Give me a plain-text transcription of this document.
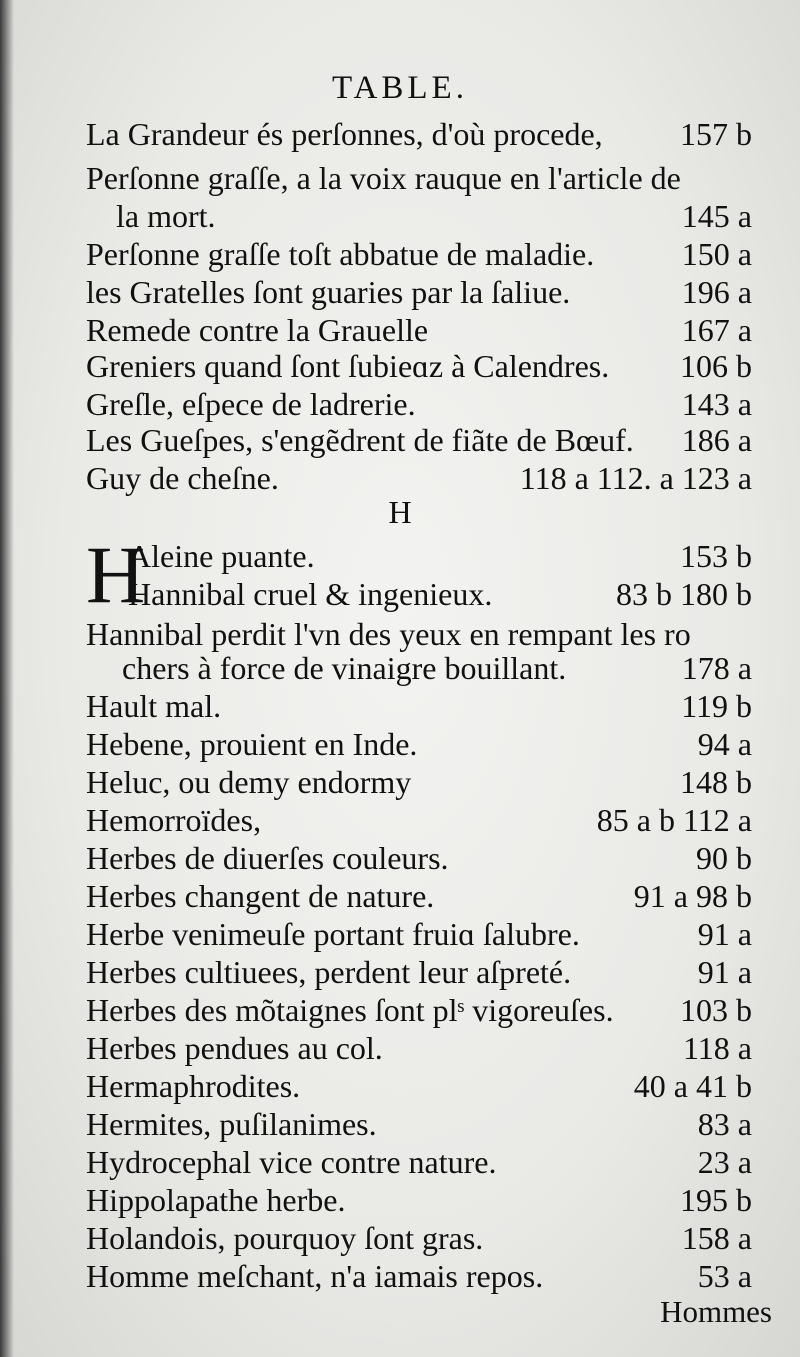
TABLE.
La Grandeur és perſonnes, d'où procede, 157 b
Perſonne graſſe, a la voix rauque en l'article de
la mort.	145 a
Perſonne graſſe toſt abbatue de maladie.	150 a
les Gratelles ſont guaries par la ſaliue.	196 a
Remede contre la Grauelle	167 a
Greniers quand ſont ſubieɑz à Calendres. 106 b
Greſle, eſpece de ladrerie.	143 a
Les Gueſpes, s'engẽdrent de fiãte de Bœuf. 186 a
Guy de cheſne.	118 a 112. a 123 a
H
H
Aleine puante.	153 b
Hannibal cruel & ingenieux.	83 b 180 b
Hannibal perdit l'vn des yeux en rempant les ro
chers à force de vinaigre bouillant.	178 a
Hault mal.	119 b
Hebene, prouient en Inde.	94 a
Heluc, ou demy endormy	148 b
Hemorroïdes,	85 a b 112 a
Herbes de diuerſes couleurs.	90 b
Herbes changent de nature.	91 a 98 b
Herbe venimeuſe portant fruiɑ ſalubre.	91 a
Herbes cultiuees, perdent leur aſpreté.	91 a
Herbes des mõtaignes ſont plˢ vigoreuſes. 103 b
Herbes pendues au col.	118 a
Hermaphrodites.	40 a 41 b
Hermites, puſilanimes.	83 a
Hydrocephal vice contre nature.	23 a
Hippolapathe herbe.	195 b
Holandois, pourquoy ſont gras.	158 a
Homme meſchant, n'a iamais repos.	53 a
Hommes
